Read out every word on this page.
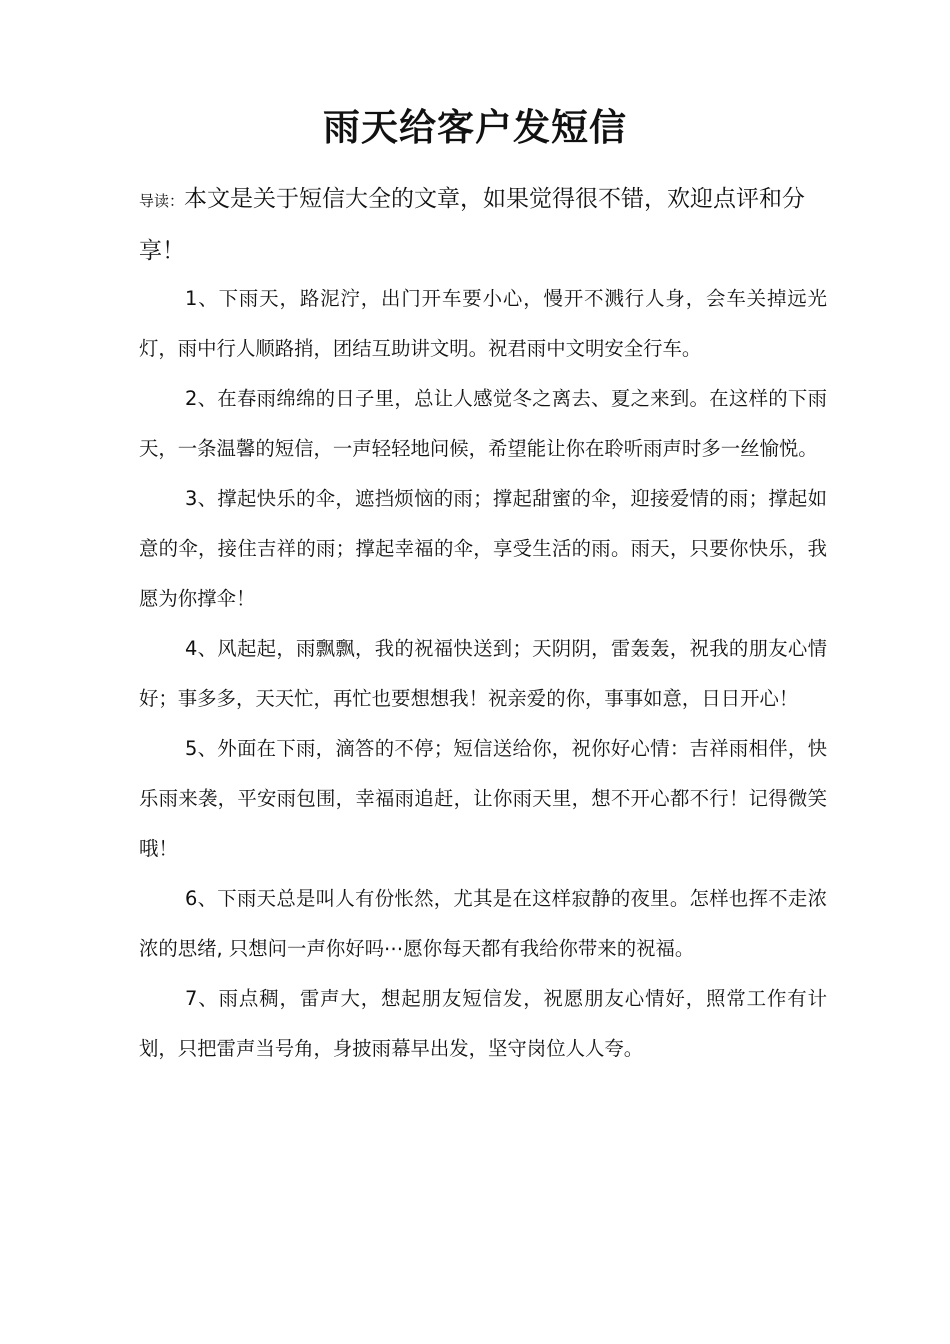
雨天给客户发短信

导读：本文是关于短信大全的文章，如果觉得很不错，欢迎点评和分享！

1、下雨天，路泥泞，出门开车要小心，慢开不溅行人身，会车关掉远光灯，雨中行人顺路捎，团结互助讲文明。祝君雨中文明安全行车。

2、在春雨绵绵的日子里，总让人感觉冬之离去、夏之来到。在这样的下雨天，一条温馨的短信，一声轻轻地问候，希望能让你在聆听雨声时多一丝愉悦。

3、撑起快乐的伞，遮挡烦恼的雨；撑起甜蜜的伞，迎接爱情的雨；撑起如意的伞，接住吉祥的雨；撑起幸福的伞，享受生活的雨。雨天，只要你快乐，我愿为你撑伞！

4、风起起，雨飘飘，我的祝福快送到；天阴阴，雷轰轰，祝我的朋友心情好；事多多，天天忙，再忙也要想想我！祝亲爱的你，事事如意，日日开心！

5、外面在下雨，滴答的不停；短信送给你，祝你好心情：吉祥雨相伴，快乐雨来袭，平安雨包围，幸福雨追赶，让你雨天里，想不开心都不行！记得微笑哦！

6、下雨天总是叫人有份怅然，尤其是在这样寂静的夜里。怎样也挥不走浓浓的思绪, 只想问一声你好吗⋯愿你每天都有我给你带来的祝福。

7、雨点稠，雷声大，想起朋友短信发，祝愿朋友心情好，照常工作有计划，只把雷声当号角，身披雨幕早出发，坚守岗位人人夸。
